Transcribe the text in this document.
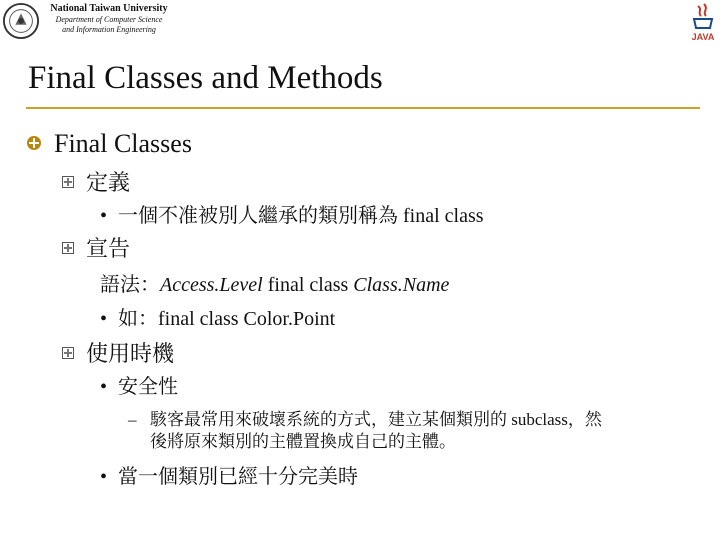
National Taiwan University
Department of Computer Science
and Information Engineering
JAVA
Final Classes and Methods
Final Classes
定義
• 一個不准被別人繼承的類別稱為 final class
宣告
語法：Access.Level final class Class.Name
• 如：final class Color.Point
使用時機
• 安全性
– 駭客最常用來破壞系統的方式，建立某個類別的 subclass，然
後將原來類別的主體置換成自己的主體。
• 當一個類別已經十分完美時
